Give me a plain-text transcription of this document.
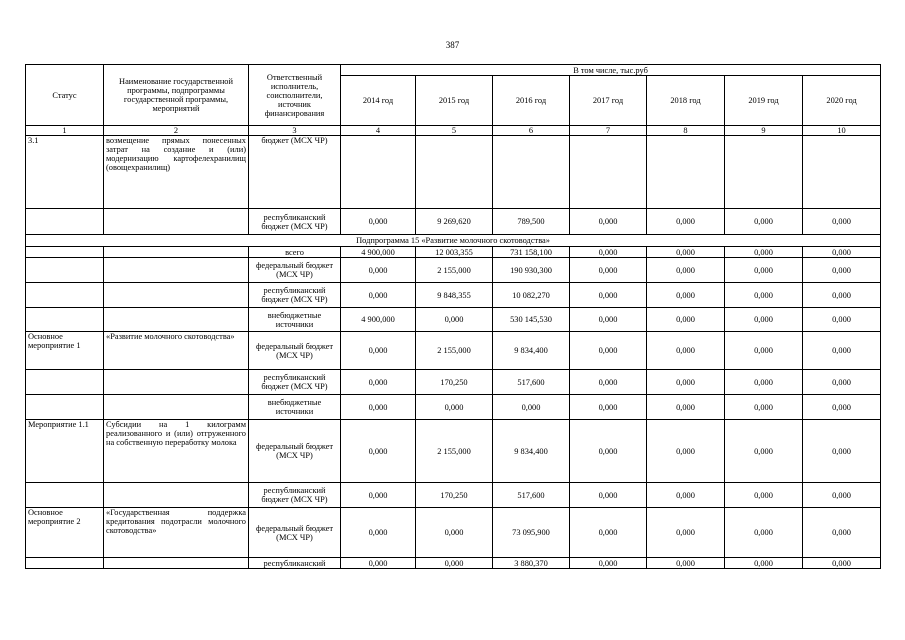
387
Статус	Наименование государственной программы, подпрограммы государственной программы, мероприятий	Ответственный исполнитель, соисполнители, источник финансирования	В том числе, тыс.руб						
			2014 год	2015 год	2016 год	2017 год	2018 год	2019 год	2020 год
1	2	3	4	5	6	7	8	9	10
3.1	возмещение прямых понесенных затрат на создание и (или) модернизацию картофелехранилищ (овощехранилищ)	бюджет (МСХ ЧР)							
		республиканский бюджет (МСХ ЧР)	0,000	9 269,620	789,500	0,000	0,000	0,000	0,000
Подпрограмма 15 «Развитие молочного скотоводства»									
		всего	4 900,000	12 003,355	731 158,100	0,000	0,000	0,000	0,000
		федеральный бюджет (МСХ ЧР)	0,000	2 155,000	190 930,300	0,000	0,000	0,000	0,000
		республиканский бюджет (МСХ ЧР)	0,000	9 848,355	10 082,270	0,000	0,000	0,000	0,000
		внебюджетные источники	4 900,000	0,000	530 145,530	0,000	0,000	0,000	0,000
Основное мероприятие 1	«Развитие молочного скотоводства»	федеральный бюджет (МСХ ЧР)	0,000	2 155,000	9 834,400	0,000	0,000	0,000	0,000
		республиканский бюджет (МСХ ЧР)	0,000	170,250	517,600	0,000	0,000	0,000	0,000
		внебюджетные источники	0,000	0,000	0,000	0,000	0,000	0,000	0,000
Мероприятие 1.1	Субсидии на 1 килограмм реализованного и (или) отгруженного на собственную переработку молока	федеральный бюджет (МСХ ЧР)	0,000	2 155,000	9 834,400	0,000	0,000	0,000	0,000
		республиканский бюджет (МСХ ЧР)	0,000	170,250	517,600	0,000	0,000	0,000	0,000
Основное мероприятие 2	«Государственная поддержка кредитования подотрасли молочного скотоводства»	федеральный бюджет (МСХ ЧР)	0,000	0,000	73 095,900	0,000	0,000	0,000	0,000
		республиканский	0,000	0,000	3 880,370	0,000	0,000	0,000	0,000
